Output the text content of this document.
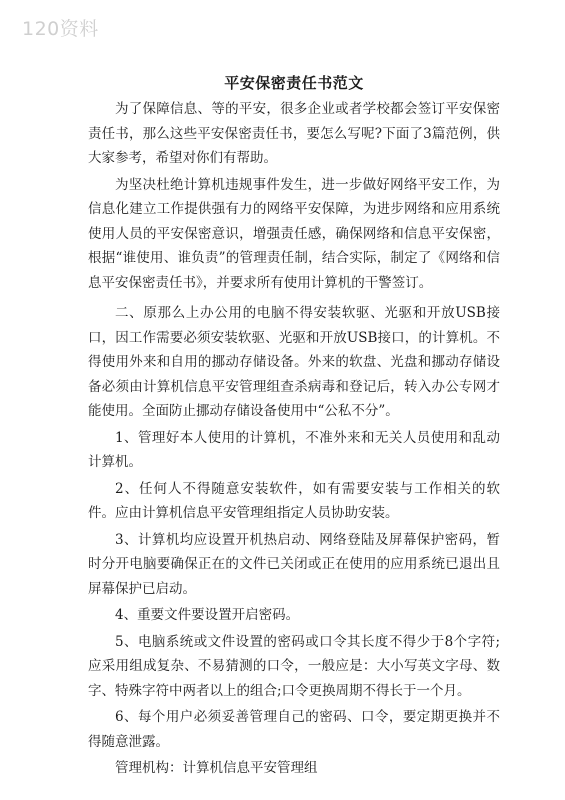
120资料
平安保密责任书范文

为了保障信息、等的平安，很多企业或者学校都会签订平安保密责任书，那么这些平安保密责任书，要怎么写呢?下面了3篇范例，供大家参考，希望对你们有帮助。

为坚决杜绝计算机违规事件发生，进一步做好网络平安工作，为信息化建立工作提供强有力的网络平安保障，为进步网络和应用系统使用人员的平安保密意识，增强责任感，确保网络和信息平安保密，根据“谁使用、谁负责”的管理责任制，结合实际，制定了《网络和信息平安保密责任书》，并要求所有使用计算机的干警签订。

二、原那么上办公用的电脑不得安装软驱、光驱和开放USB接口，因工作需要必须安装软驱、光驱和开放USB接口，的计算机。不得使用外来和自用的挪动存储设备。外来的软盘、光盘和挪动存储设备必须由计算机信息平安管理组查杀病毒和登记后，转入办公专网才能使用。全面防止挪动存储设备使用中“公私不分”。

1、管理好本人使用的计算机，不准外来和无关人员使用和乱动计算机。

2、任何人不得随意安装软件，如有需要安装与工作相关的软件。应由计算机信息平安管理组指定人员协助安装。

3、计算机均应设置开机热启动、网络登陆及屏幕保护密码，暂时分开电脑要确保正在的文件已关闭或正在使用的应用系统已退出且屏幕保护已启动。

4、重要文件要设置开启密码。

5、电脑系统或文件设置的密码或口令其长度不得少于8个字符;应采用组成复杂、不易猜测的口令，一般应是：大小写英文字母、数字、特殊字符中两者以上的组合;口令更换周期不得长于一个月。

6、每个用户必须妥善管理自己的密码、口令，要定期更换并不得随意泄露。

管理机构：计算机信息平安管理组
